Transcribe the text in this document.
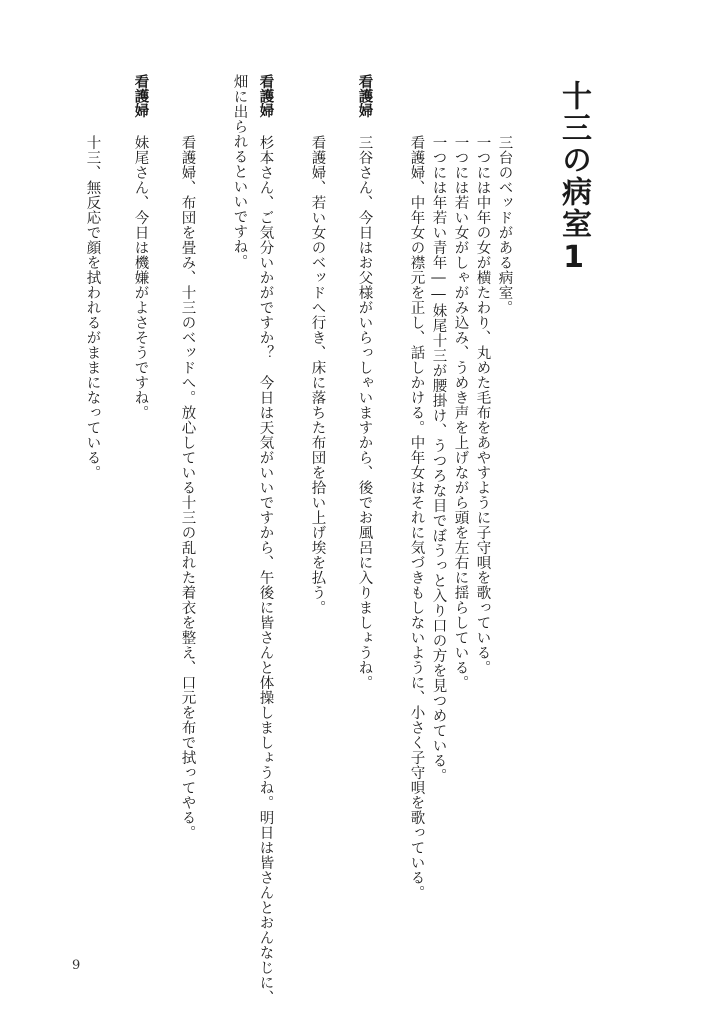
十三の病室1
三台のベッドがある病室。
一つには中年の女が横たわり、丸めた毛布をあやすように子守唄を歌っている。
一つには若い女がしゃがみ込み、うめき声を上げながら頭を左右に揺らしている。
一つには年若い青年――妹尾十三が腰掛け、うつろな目でぼうっと入り口の方を見つめている。
看護婦、中年女の襟元を正し、話しかける。中年女はそれに気づきもしないように、小さく子守唄を歌っている。
看護婦
三谷さん、今日はお父様がいらっしゃいますから、後でお風呂に入りましょうね。
看護婦、若い女のベッドへ行き、床に落ちた布団を拾い上げ埃を払う。
看護婦
杉本さん、ご気分いかがですか？　今日は天気がいいですから、午後に皆さんと体操しましょうね。明日は皆さんとおんなじに、
畑に出られるといいですね。
看護婦、布団を畳み、十三のベッドへ。放心している十三の乱れた着衣を整え、口元を布で拭ってやる。
看護婦
妹尾さん、今日は機嫌がよさそうですね。
十三、無反応で顔を拭われるがままになっている。
9
